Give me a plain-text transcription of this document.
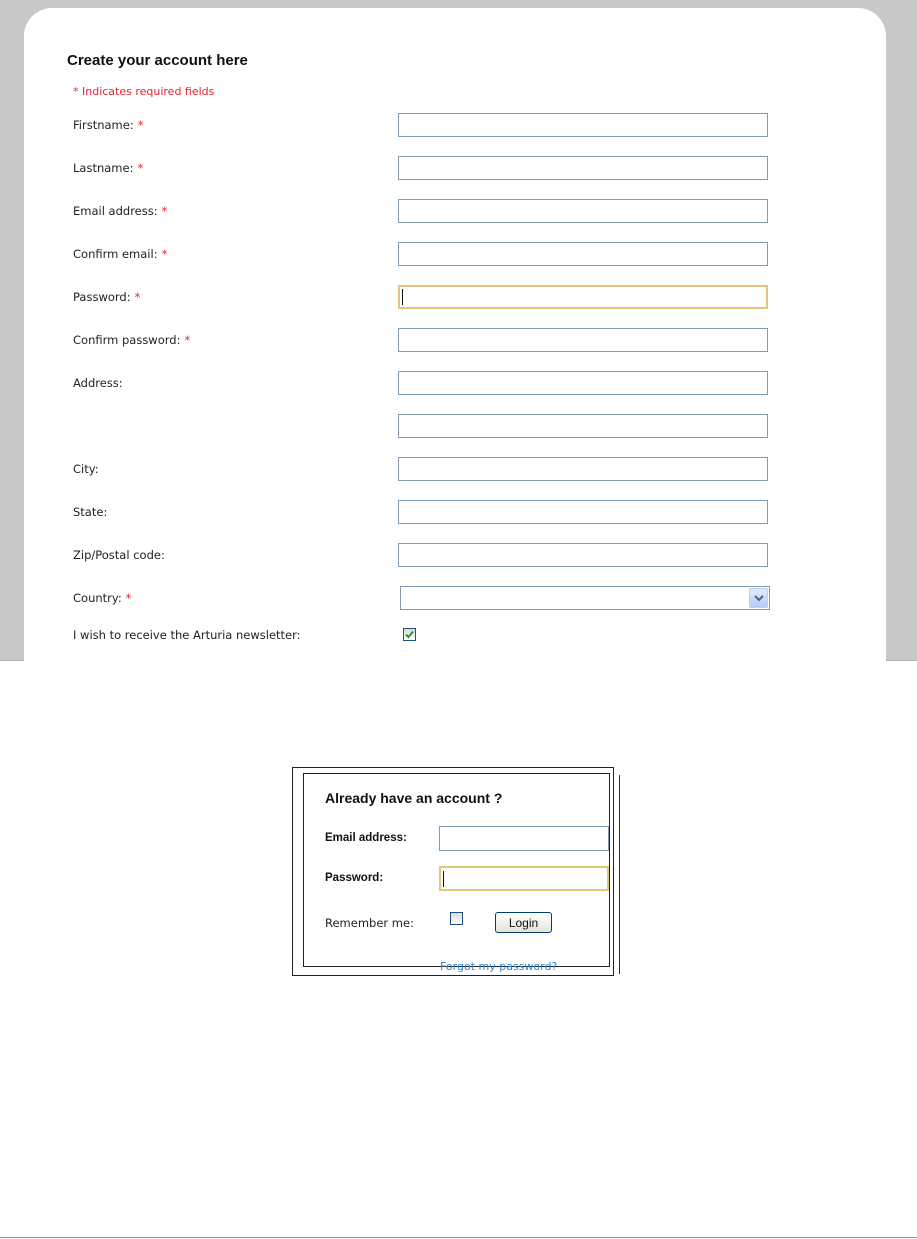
Create your account here
* Indicates required fields
Firstname: *
Lastname: *
Email address: *
Confirm email: *
Password: *
Confirm password: *
Address:
City:
State:
Zip/Postal code:
Country: *
I wish to receive the Arturia newsletter:
Already have an account ?
Email address:
Password:
Remember me:	Login
Forgot my password?
